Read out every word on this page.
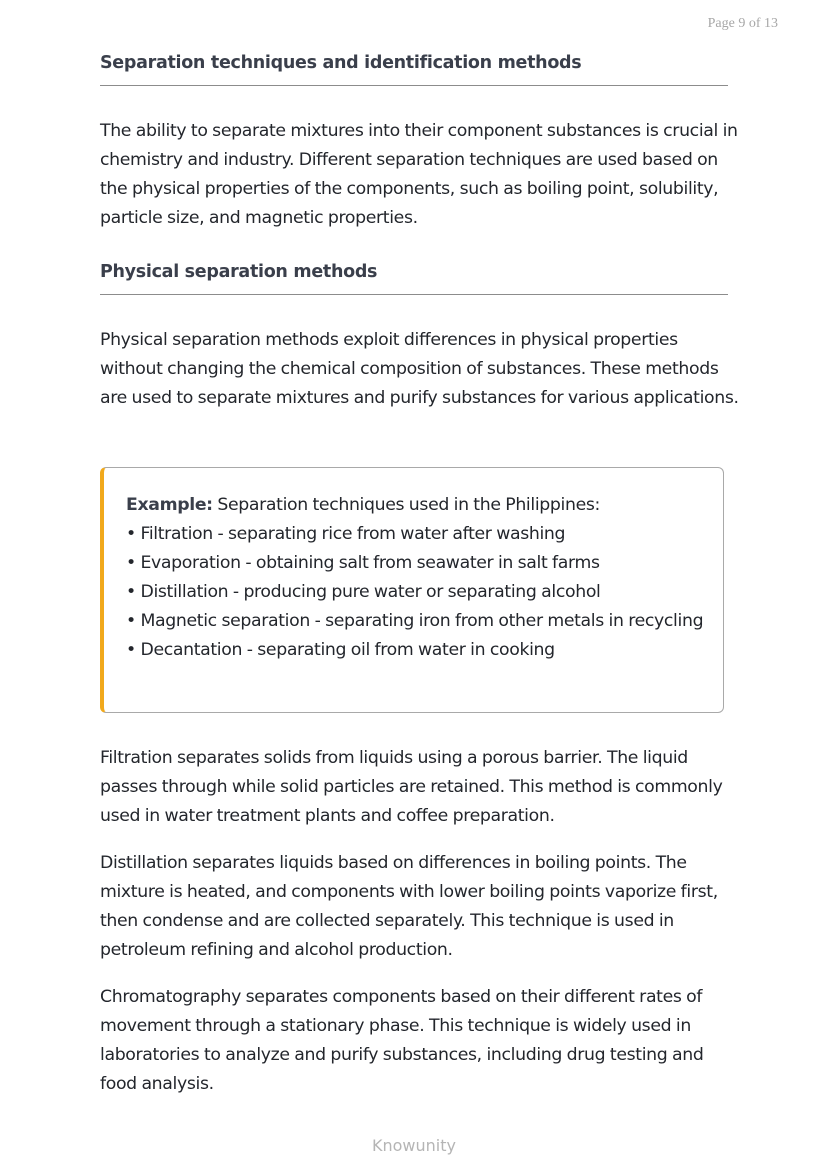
Page 9 of 13
Separation techniques and identification methods

The ability to separate mixtures into their component substances is crucial in chemistry and industry. Different separation techniques are used based on the physical properties of the components, such as boiling point, solubility, particle size, and magnetic properties.

Physical separation methods

Physical separation methods exploit differences in physical properties without changing the chemical composition of substances. These methods are used to separate mixtures and purify substances for various applications.

Example: Separation techniques used in the Philippines:
• Filtration - separating rice from water after washing
• Evaporation - obtaining salt from seawater in salt farms
• Distillation - producing pure water or separating alcohol
• Magnetic separation - separating iron from other metals in recycling
• Decantation - separating oil from water in cooking

Filtration separates solids from liquids using a porous barrier. The liquid passes through while solid particles are retained. This method is commonly used in water treatment plants and coffee preparation.

Distillation separates liquids based on differences in boiling points. The mixture is heated, and components with lower boiling points vaporize first, then condense and are collected separately. This technique is used in petroleum refining and alcohol production.

Chromatography separates components based on their different rates of movement through a stationary phase. This technique is widely used in laboratories to analyze and purify substances, including drug testing and food analysis.

Knowunity
